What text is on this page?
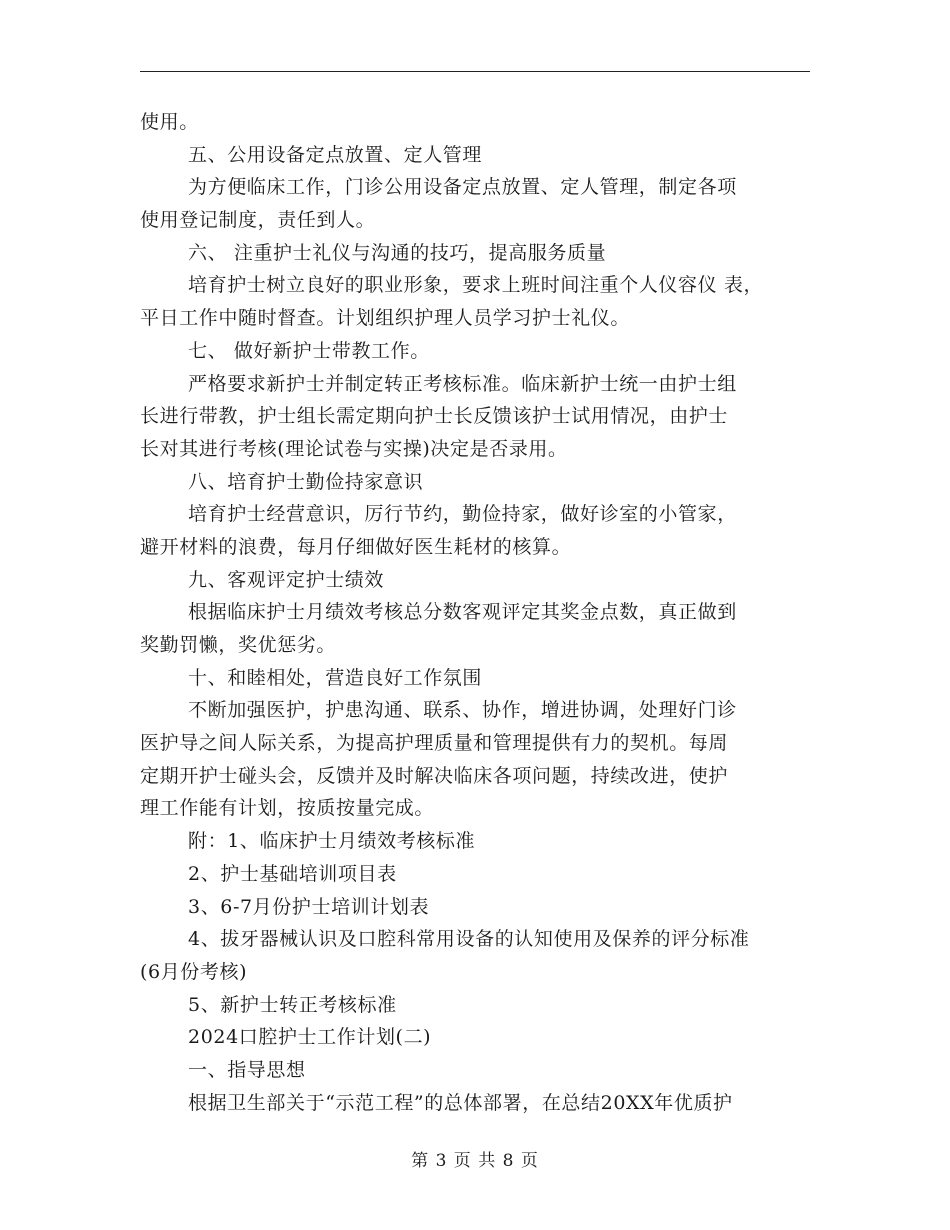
使用。
五、公用设备定点放置、定人管理
为方便临床工作，门诊公用设备定点放置、定人管理，制定各项
使用登记制度，责任到人。
六、 注重护士礼仪与沟通的技巧，提高服务质量
培育护士树立良好的职业形象，要求上班时间注重个人仪容仪 表，
平日工作中随时督查。计划组织护理人员学习护士礼仪。
七、 做好新护士带教工作。
严格要求新护士并制定转正考核标准。临床新护士统一由护士组
长进行带教，护士组长需定期向护士长反馈该护士试用情况，由护士
长对其进行考核(理论试卷与实操)决定是否录用。
八、培育护士勤俭持家意识
培育护士经营意识，厉行节约，勤俭持家，做好诊室的小管家，
避开材料的浪费，每月仔细做好医生耗材的核算。
九、客观评定护士绩效
根据临床护士月绩效考核总分数客观评定其奖金点数，真正做到
奖勤罚懒，奖优惩劣。
十、和睦相处，营造良好工作氛围
不断加强医护，护患沟通、联系、协作，增进协调，处理好门诊
医护导之间人际关系，为提高护理质量和管理提供有力的契机。每周
定期开护士碰头会，反馈并及时解决临床各项问题，持续改进，使护
理工作能有计划，按质按量完成。
附：1、临床护士月绩效考核标准
2、护士基础培训项目表
3、6-7月份护士培训计划表
4、拔牙器械认识及口腔科常用设备的认知使用及保养的评分标准
(6月份考核)
5、新护士转正考核标准
2024口腔护士工作计划(二)
一、指导思想
根据卫生部关于“示范工程”的总体部署，在总结20XX年优质护
第 3 页 共 8 页
